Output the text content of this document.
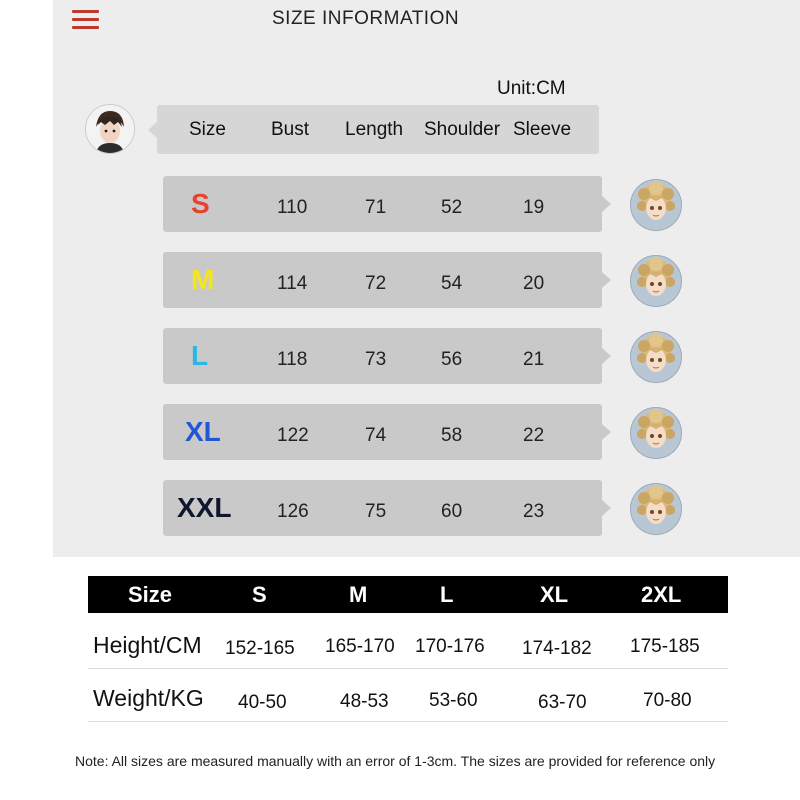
SIZE INFORMATION
Unit:CM
Size Bust Length Shoulder Sleeve
S	110	71	52	19
M	114	72	54	20
L	118	73	56	21
XL	122	74	58	22
XXL 126	75	60	23
Size	S	M	L	XL	2XL
Height/CM 152-165 165-170 170-176 174-182 175-185
Weight/KG 40-50	48-53 53-60	63-70	70-80
Note: All sizes are measured manually with an error of 1-3cm. The sizes are provided for reference only
